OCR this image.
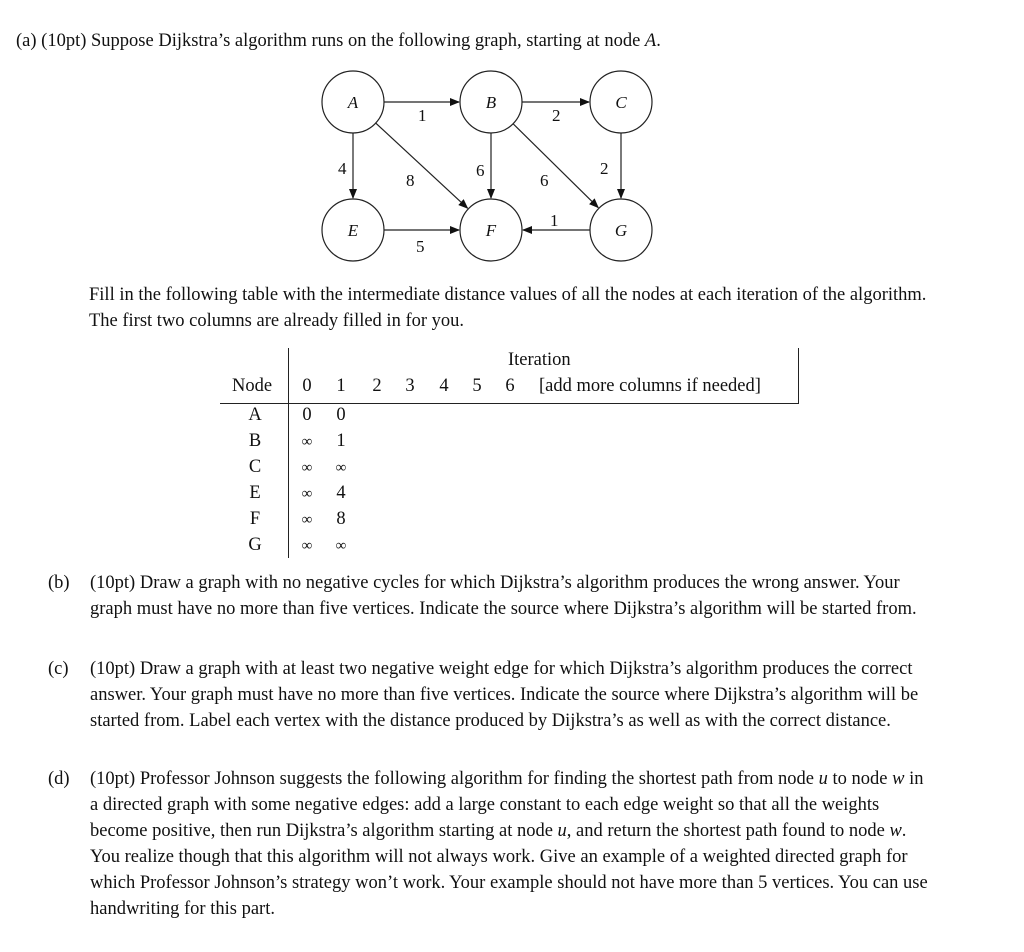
(a) (10pt) Suppose Dijkstra’s algorithm runs on the following graph, starting at node A.
1	2
4
8
6
6
2
5
1
A	B	C
E	F	G
Fill in the following table with the intermediate distance values of all the nodes at each iteration of the algorithm. The first two columns are already filled in for you.
Iteration
Node 0 1 2 3 4 5 6 [add more columns if needed]
A	0	0
B	∞	1
C	∞	∞
E	∞	4
F	∞	8
G	∞	∞
(b) (10pt) Draw a graph with no negative cycles for which Dijkstra’s algorithm produces the wrong answer. Your graph must have no more than five vertices. Indicate the source where Dijkstra’s algorithm will be started from.
(c) (10pt) Draw a graph with at least two negative weight edge for which Dijkstra’s algorithm produces the correct answer. Your graph must have no more than five vertices. Indicate the source where Dijkstra’s algorithm will be started from. Label each vertex with the distance produced by Dijkstra’s as well as with the correct distance.
(d) (10pt) Professor Johnson suggests the following algorithm for finding the shortest path from node u to node w in a directed graph with some negative edges: add a large constant to each edge weight so that all the weights become positive, then run Dijkstra’s algorithm starting at node u, and return the shortest path found to node w. You realize though that this algorithm will not always work. Give an example of a weighted directed graph for which Professor Johnson’s strategy won’t work. Your example should not have more than 5 vertices. You can use handwriting for this part.
